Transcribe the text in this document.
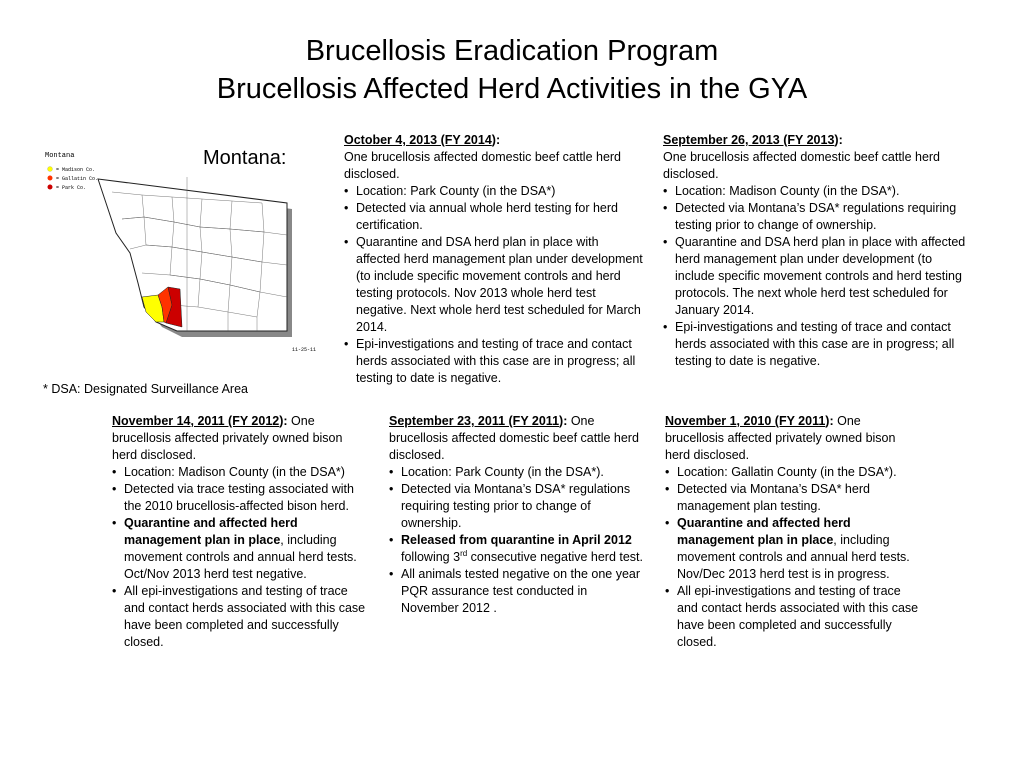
Brucellosis Eradication Program
Brucellosis Affected Herd Activities in the GYA
Montana
= Madison Co.
= Gallatin Co.
= Park Co.
11-25-11
Montana:
* DSA: Designated Surveillance Area
October 4, 2013 (FY 2014):
One brucellosis affected domestic beef cattle herd disclosed.
• Location: Park County (in the DSA*)
• Detected via annual whole herd testing for herd certification.
• Quarantine and DSA herd plan in place with affected herd management plan under development (to include specific movement controls and herd testing protocols. Nov 2013 whole herd test negative. Next whole herd test scheduled for March 2014.
• Epi-investigations and testing of trace and contact herds associated with this case are in progress; all testing to date is negative.
September 26, 2013 (FY 2013):
One brucellosis affected domestic beef cattle herd disclosed.
• Location: Madison County (in the DSA*).
• Detected via Montana’s DSA* regulations requiring testing prior to change of ownership.
• Quarantine and DSA herd plan in place with affected herd management plan under development (to include specific movement controls and herd testing protocols. The next whole herd test scheduled for January 2014.
• Epi-investigations and testing of trace and contact herds associated with this case are in progress; all testing to date is negative.
November 14, 2011 (FY 2012): One brucellosis affected privately owned bison herd disclosed.
• Location: Madison County (in the DSA*)
• Detected via trace testing associated with the 2010 brucellosis-affected bison herd.
• Quarantine and affected herd management plan in place, including movement controls and annual herd tests. Oct/Nov 2013 herd test negative.
• All epi-investigations and testing of trace and contact herds associated with this case have been completed and successfully closed.
September 23, 2011 (FY 2011): One brucellosis affected domestic beef cattle herd disclosed.
• Location: Park County (in the DSA*).
• Detected via Montana’s DSA* regulations requiring testing prior to change of ownership.
• Released from quarantine in April 2012 following 3rd consecutive negative herd test.
• All animals tested negative on the one year PQR assurance test conducted in November 2012 .
November 1, 2010 (FY 2011): One brucellosis affected privately owned bison herd disclosed.
• Location: Gallatin County (in the DSA*).
• Detected via Montana’s DSA* herd management plan testing.
• Quarantine and affected herd management plan in place, including movement controls and annual herd tests. Nov/Dec 2013 herd test is in progress.
• All epi-investigations and testing of trace and contact herds associated with this case have been completed and successfully closed.
